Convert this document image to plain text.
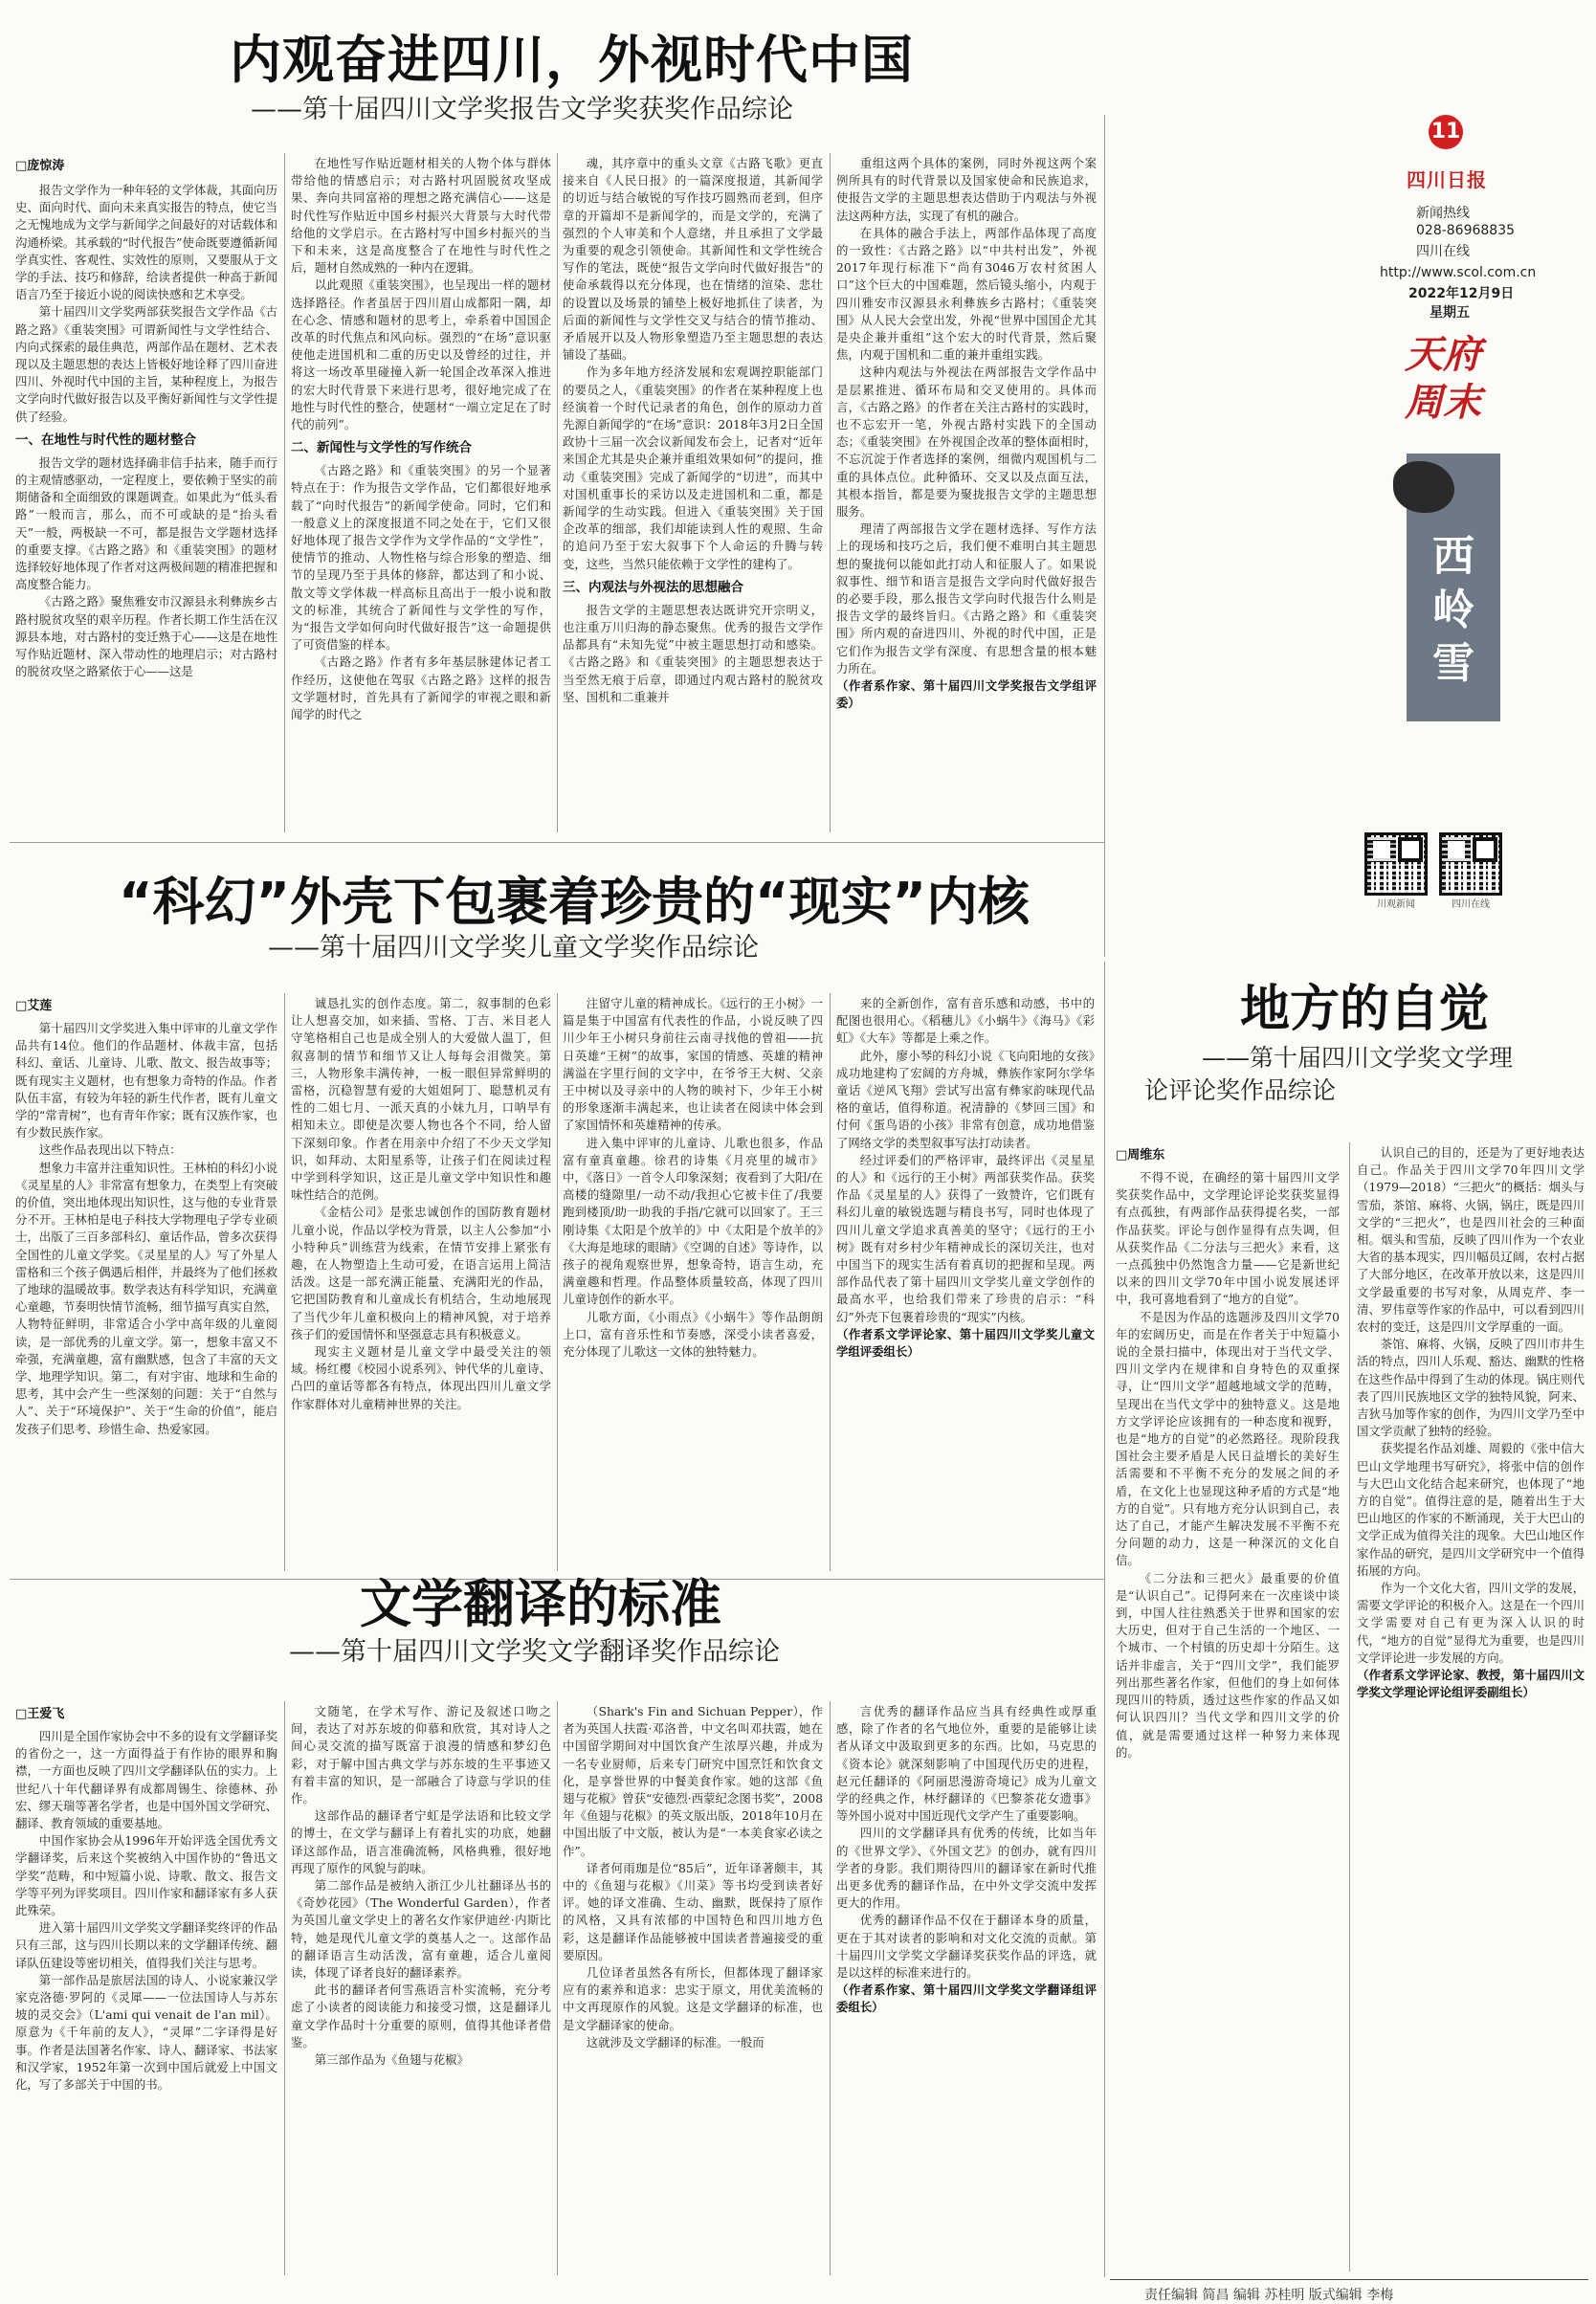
内观奋进四川，外视时代中国
——第十届四川文学奖报告文学奖获奖作品综论
□庞惊涛

报告文学作为一种年轻的文学体裁，其面向历史、面向时代、面向未来真实报告的特点，使它当之无愧地成为文学与新闻学之间最好的对话载体和沟通桥梁。其承载的“时代报告”使命既要遵循新闻学真实性、客观性、实效性的原则，又要服从于文学的手法、技巧和修辞，给读者提供一种高于新闻语言乃至于接近小说的阅读快感和艺术享受。

第十届四川文学奖两部获奖报告文学作品《古路之路》《重装突围》可谓新闻性与文学性结合、内向式探索的最佳典范，两部作品在题材、艺术表现以及主题思想的表达上皆极好地诠释了四川奋进四川、外视时代中国的主旨，某种程度上，为报告文学向时代做好报告以及平衡好新闻性与文学性提供了经验。

一、在地性与时代性的题材整合

报告文学的题材选择确非信手拈来，随手而行的主观情感驱动，一定程度上，要依赖于坚实的前期储备和全面细致的课题调查。如果此为“低头看路”一般而言，那么，而不可或缺的是“抬头看天”一般，两极缺一不可，都是报告文学题材选择的重要支撑。《古路之路》和《重装突围》的题材选择较好地体现了作者对这两极间题的精准把握和高度整合能力。

《古路之路》聚焦雅安市汉源县永利彝族乡古路村脱贫攻坚的艰辛历程。作者长期工作生活在汉源县本地，对古路村的变迁熟于心——这是在地性写作贴近题材、深入带动性的地理启示；对古路村的脱贫攻坚之路紧依于心——这是

在地性写作贴近题材相关的人物个体与群体带给他的情感启示；对古路村巩固脱贫攻坚成果、奔向共同富裕的理想之路充满信心——这是时代性写作贴近中国乡村振兴大背景与大时代带给他的文学启示。在古路村写中国乡村振兴的当下和未来，这是高度整合了在地性与时代性之后，题材自然成熟的一种内在逻辑。

以此观照《重装突围》，也呈现出一样的题材选择路径。作者虽居于四川眉山成都阳一隅，却在心念、情感和题材的思考上，牵系着中国国企改革的时代焦点和风向标。强烈的“在场”意识驱使他走进国机和二重的历史以及曾经的过往，并将这一场改革里碰撞入新一轮国企改革深入推进的宏大时代背景下来进行思考，很好地完成了在地性与时代性的整合，使题材“一端立定足在了时代的前列”。

二、新闻性与文学性的写作统合

《古路之路》和《重装突围》的另一个显著特点在于：作为报告文学作品，它们都很好地承载了“向时代报告”的新闻学使命。同时，它们和一般意义上的深度报道不同之处在于，它们又很好地体现了报告文学作为文学作品的“文学性”，使情节的推动、人物性格与综合形象的塑造、细节的呈现乃至于具体的修辞，都达到了和小说、散文等文学体裁一样高标且高出于一般小说和散文的标准，其统合了新闻性与文学性的写作，为“报告文学如何向时代做好报告”这一命题提供了可资借鉴的样本。

《古路之路》作者有多年基层脉建体记者工作经历，这使他在驾驭《古路之路》这样的报告文学题材时，首先具有了新闻学的审视之眼和新闻学的时代之

魂，其序章中的重头文章《古路飞歌》更直接来自《人民日报》的一篇深度报道，其新闻学的切近与结合敏锐的写作技巧圆熟而老到，但序章的开篇却不是新闻学的，而是文学的，充满了强烈的个人审美和个人意绪，并且承担了文学最为重要的观念引领使命。其新闻性和文学性统合写作的笔法，既使“报告文学向时代做好报告”的使命承载得以充分体现，也在情绪的渲染、悲壮的设置以及场景的铺垫上极好地抓住了读者，为后面的新闻性与文学性交叉与结合的情节推动、矛盾展开以及人物形象塑造乃至主题思想的表达铺设了基础。

作为多年地方经济发展和宏观调控职能部门的要员之人，《重装突围》的作者在某种程度上也经演着一个时代记录者的角色，创作的原动力首先源自新闻学的“在场”意识：2018年3月2日全国政协十三届一次会议新闻发布会上，记者对“近年来国企尤其是央企兼并重组效果如何”的提问，推动《重装突围》完成了新闻学的“切进”，而其中对国机重事长的采访以及走进国机和二重，都是新闻学的生动实践。但进入《重装突围》关于国企改革的细部，我们却能读到人性的观照、生命的追问乃至于宏大叙事下个人命运的升腾与转变，这些，当然只能依赖于文学性的建构了。

三、内观法与外视法的思想融合

报告文学的主题思想表达既讲究开宗明义，也注重万川归海的静态聚焦。优秀的报告文学作品都具有“未知先觉”中被主题思想打动和感染。《古路之路》和《重装突围》的主题思想表达于当至然无痕于后章，即通过内观古路村的脱贫攻坚、国机和二重兼并

重组这两个具体的案例，同时外视这两个案例所具有的时代背景以及国家使命和民族追求，使报告文学的主题思想表达借助于内观法与外视法这两种方法，实现了有机的融合。

在具体的融合手法上，两部作品体现了高度的一致性：《古路之路》以“中共村出发”，外视2017年现行标准下“尚有3046万农村贫困人口”这个巨大的中国难题，然后镜头缩小，内观于四川雅安市汉源县永利彝族乡古路村；《重装突围》从人民大会堂出发，外视“世界中国国企尤其是央企兼并重组”这个宏大的时代背景，然后聚焦，内观于国机和二重的兼并重组实践。

这种内观法与外视法在两部报告文学作品中是层累推进、循环布局和交叉使用的。具体而言，《古路之路》的作者在关注古路村的实践时，也不忘宏开一笔，外视古路村实践下的全国动态；《重装突围》在外视国企改革的整体面相时，不忘沉淀于作者选择的案例，细微内观国机与二重的具体点位。此种循环、交叉以及点面互法，其根本指旨，都是要为聚拢报告文学的主题思想服务。

理清了两部报告文学在题材选择、写作方法上的现场和技巧之后，我们便不难明白其主题思想的聚拢何以能如此打动人和征服人了。如果说叙事性、细节和语言是报告文学向时代做好报告的必要手段，那么报告文学向时代报告什么则是报告文学的最终旨归。《古路之路》和《重装突围》所内观的奋进四川、外视的时代中国，正是它们作为报告文学有深度、有思想含量的根本魅力所在。

（作者系作家、第十届四川文学奖报告文学组评委）

11
四川日报
新闻热线
028-86968835
四川在线
http://www.scol.com.cn
2022年12月9日
星期五
天府周末
西岭雪
川观新闻	四川在线
“科幻”外壳下包裹着珍贵的“现实”内核
——第十届四川文学奖儿童文学奖作品综论
□艾莲

第十届四川文学奖进入集中评审的儿童文学作品共有14位。他们的作品题材、体裁丰富，包括科幻、童话、儿童诗、儿歌、散文、报告故事等；既有现实主义题材，也有想象力奇特的作品。作者队伍丰富，有较为年轻的新生代作者，既有儿童文学的“常青树”，也有青年作家；既有汉族作家，也有少数民族作家。

这些作品表现出以下特点：

想象力丰富并注重知识性。王林柏的科幻小说《灵星星的人》非常富有想象力，在类型上有突破的价值，突出地体现出知识性，这与他的专业背景分不开。王林柏是电子科技大学物理电子学专业硕士，出版了三百多部科幻、童话作品，曾多次获得全国性的儿童文学奖。《灵星星的人》写了外星人雷格和三个孩子偶遇后相伴，并最终为了他们拯救了地球的温暖故事。数学表达有科学知识，充满童心童趣，节奏明快情节流畅，细节描写真实自然，人物特征鲜明，非常适合小学中高年级的儿童阅读，是一部优秀的儿童文学。第一，想象丰富又不牵强，充满童趣，富有幽默感，包含了丰富的天文学、地理学知识。第二，有对宇宙、地球和生命的思考，其中会产生一些深刻的问题：关于“自然与人”、关于“环境保护”、关于“生命的价值”，能启发孩子们思考、珍惜生命、热爱家园。

诚恳扎实的创作态度。第二，叙事制的色彩让人想喜交加，如来插、雪格、丁吉、米目老人守笔格相自己也是成全别人的大爱做人温丁，但叙喜制的情节和细节又让人每每会泪微笑。第三，人物形象丰满传神，一板一眼但异常鲜明的雷格，沉稳智慧有爱的大姐姐阿丁、聪慧机灵有性的二姐七月、一派天真的小妹九月，口呐旱有相知未立。即使是次要人物也各个不同，给人留下深刻印象。作者在用亲中介绍了不少天文学知识，如拜动、太阳星系等，让孩子们在阅读过程中学到科学知识，这正是儿童文学中知识性和趣味性结合的范例。

《金桔公司》是张忠诚创作的国防教育题材儿童小说，作品以学校为背景，以主人公参加“小小特种兵”训练营为线索，在情节安排上紧张有趣，在人物塑造上生动可爱，在语言运用上简洁活泼。这是一部充满正能量、充满阳光的作品，它把国防教育和儿童成长有机结合，生动地展现了当代少年儿童积极向上的精神风貌，对于培养孩子们的爱国情怀和坚强意志具有积极意义。

现实主义题材是儿童文学中最受关注的领域。杨红樱《校园小说系列》、钟代华的儿童诗、凸凹的童话等都各有特点，体现出四川儿童文学作家群体对儿童精神世界的关注。

注留守儿童的精神成长。《远行的王小树》一篇是集于中国富有代表性的作品，小说反映了四川少年王小树只身前往云南寻找他的曾祖——抗日英雄“王树”的故事，家国的情感、英雄的精神满溢在字里行间的文字中，在爷爷王大树、父亲王中树以及寻亲中的人物的映衬下，少年王小树的形象逐渐丰满起来，也让读者在阅读中体会到了家国情怀和英雄精神的传承。

进入集中评审的儿童诗、儿歌也很多，作品富有童真童趣。徐君的诗集《月亮里的城市》中，《落日》一首令人印象深刻；夜看到了大阳/在高楼的缝隙里/一动不动/我担心它被卡住了/我要跑到楼顶/助一助我的手指/它就可以回家了。王三刚诗集《太阳是个放羊的》中《太阳是个放羊的》《大海是地球的眼睛》《空调的自述》等诗作，以孩子的视角观察世界，想象奇特，语言生动，充满童趣和哲理。作品整体质量较高，体现了四川儿童诗创作的新水平。

儿歌方面，《小雨点》《小蜗牛》等作品朗朗上口，富有音乐性和节奏感，深受小读者喜爱，充分体现了儿歌这一文体的独特魅力。

来的全新创作，富有音乐感和动感，书中的配图也很用心。《稻穗儿》《小蜗牛》《海马》《彩虹》《大车》等都是上乘之作。

此外，廖小琴的科幻小说《飞向阳地的女孩》成功地建构了宏阔的方舟城，彝族作家阿尔学华童话《逆风飞翔》尝试写出富有彝家韵味现代品格的童话，值得称道。祝清静的《梦回三国》和付何《蛋鸟语的小孩》非常有创意，成功地借鉴了网络文学的类型叙事写法打动读者。

经过评委们的严格评审，最终评出《灵星星的人》和《远行的王小树》两部获奖作品。获奖作品《灵星星的人》获得了一致赞许，它们既有科幻儿童的敏锐选题与精良书写，同时也体现了四川儿童文学追求真善美的坚守；《远行的王小树》既有对乡村少年精神成长的深切关注，也对中国当下的现实生活有着真切的把握和呈现。两部作品代表了第十届四川文学奖儿童文学创作的最高水平，也给我们带来了珍贵的启示：“科幻”外壳下包裹着珍贵的“现实”内核。

（作者系文学评论家、第十届四川文学奖儿童文学组评委组长）

地方的自觉
——第十届四川文学奖文学理
论评论奖作品综论
□周维东

不得不说，在确经的第十届四川文学奖获奖作品中，文学理论评论奖获奖显得有点孤独，有两部作品获得提名奖，一部作品获奖。评论与创作显得有点失调，但从获奖作品《二分法与三把火》来看，这一点孤独中仍然饱含力量——它是新世纪以来的四川文学70年中国小说发展述评中，我可喜地看到了“地方的自觉”。

不是因为作品的选题涉及四川文学70年的宏阔历史，而是在作者关于中短篇小说的全景扫描中，体现出对于当代文学、四川文学内在规律和自身特色的双重探寻，让“四川文学”超越地域文学的范畴，呈现出在当代文学中的独特意义。这是地方文学评论应该拥有的一种态度和视野，也是“地方的自觉”的必然路径。现阶段我国社会主要矛盾是人民日益增长的美好生活需要和不平衡不充分的发展之间的矛盾，在文化上也显现这种矛盾的方式是“地方的自觉”。只有地方充分认识到自己，表达了自己，才能产生解决发展不平衡不充分问题的动力，这是一种深沉的文化自信。

《二分法和三把火》最重要的价值是“认识自己”。记得阿来在一次座谈中谈到，中国人往往熟悉关于世界和国家的宏大历史，但对于自己生活的一个地区、一个城市、一个村镇的历史却十分陌生。这话并非虚言，关于“四川文学”，我们能罗列出那些著名作家，但他们的身上如何体现四川的特质，透过这些作家的作品又如何认识四川？当代文学和四川文学的价值，就是需要通过这样一种努力来体现的。

认识自己的目的，还是为了更好地表达自己。作品关于四川文学70年四川文学（1979—2018）“三把火”的概括：烟头与雪茄，茶馆、麻将、火锅，锅庄，既是四川文学的“三把火”，也是四川社会的三种面相。烟头和雪茄，反映了四川作为一个农业大省的基本现实，四川幅员辽阔，农村占据了大部分地区，在改革开放以来，这是四川文学最重要的书写对象，从周克芹、李一清、罗伟章等作家的作品中，可以看到四川农村的变迁，这是四川文学厚重的一面。

茶馆、麻将、火锅，反映了四川市井生活的特点，四川人乐观、豁达、幽默的性格在这些作品中得到了生动的体现。锅庄则代表了四川民族地区文学的独特风貌，阿来、吉狄马加等作家的创作，为四川文学乃至中国文学贡献了独特的经验。

获奖提名作品刘雄、周毅的《张中信大巴山文学地理书写研究》，将张中信的创作与大巴山文化结合起来研究，也体现了“地方的自觉”。值得注意的是，随着出生于大巴山地区的作家的不断涌现，关于大巴山的文学正成为值得关注的现象。大巴山地区作家作品的研究，是四川文学研究中一个值得拓展的方向。

作为一个文化大省，四川文学的发展，需要文学评论的积极介入。这是在一个四川文学需要对自己有更为深入认识的时代，“地方的自觉”显得尤为重要，也是四川文学评论进一步发展的方向。

（作者系文学评论家、教授，第十届四川文学奖文学理论评论组评委副组长）

文学翻译的标准
——第十届四川文学奖文学翻译奖作品综论
□王爱飞

四川是全国作家协会中不多的设有文学翻译奖的省份之一，这一方面得益于有作协的眼界和胸襟，一方面也反映了四川文学翻译队伍的实力。上世纪八十年代翻译界有成都周锡生、徐德林、孙宏、缪天瑞等著名学者，也是中国外国文学研究、翻译、教育领域的重要基地。

中国作家协会从1996年开始评选全国优秀文学翻译奖，后来这个奖被纳入中国作协的“鲁迅文学奖”范畴，和中短篇小说、诗歌、散文、报告文学等平列为评奖项目。四川作家和翻译家有多人获此殊荣。

进入第十届四川文学奖文学翻译奖终评的作品只有三部，这与四川长期以来的文学翻译传统、翻译队伍建设等密切相关，值得我们关注与思考。

第一部作品是旅居法国的诗人、小说家兼汉学家克洛德·罗阿的《灵犀——一位法国诗人与苏东坡的灵交会》（L'ami qui venait de l'an mil）。原意为《千年前的友人》，“灵犀”二字译得是好事。作者是法国著名作家、诗人、翻译家、书法家和汉学家，1952年第一次到中国后就爱上中国文化，写了多部关于中国的书。

文随笔，在学术写作、游记及叙述口吻之间，表达了对苏东坡的仰慕和欣赏，其对诗人之间心灵交流的描写既富于浪漫的情感和梦幻色彩，对于解中国古典文学与苏东坡的生平事迹又有着丰富的知识，是一部融合了诗意与学识的佳作。

这部作品的翻译者宁虹是学法语和比较文学的博士，在文学与翻译上有着扎实的功底，她翻译这部作品，语言准确流畅，风格典雅，很好地再现了原作的风貌与韵味。

第二部作品是被纳入浙江少儿社翻译丛书的《奇妙花园》（The Wonderful Garden），作者为英国儿童文学史上的著名女作家伊迪丝·内斯比特，她是现代儿童文学的奠基人之一。这部作品的翻译语言生动活泼，富有童趣，适合儿童阅读，体现了译者良好的翻译素养。

此书的翻译者何雪燕语言朴实流畅，充分考虑了小读者的阅读能力和接受习惯，这是翻译儿童文学作品时十分重要的原则，值得其他译者借鉴。

第三部作品为《鱼翅与花椒》

（Shark's Fin and Sichuan Pepper），作者为英国人扶霞·邓洛普，中文名叫邓扶霞，她在中国留学期间对中国饮食产生浓厚兴趣，并成为一名专业厨师，后来专门研究中国烹饪和饮食文化，是享誉世界的中餐美食作家。她的这部《鱼翅与花椒》曾获“安德烈·西蒙纪念图书奖”，2008年《鱼翅与花椒》的英文版出版，2018年10月在中国出版了中文版，被认为是“一本美食家必读之作”。

译者何雨珈是位“85后”，近年译著颇丰，其中的《鱼翅与花椒》《川菜》等书均受到读者好评。她的译文准确、生动、幽默，既保持了原作的风格，又具有浓郁的中国特色和四川地方色彩，这是翻译作品能够被中国读者普遍接受的重要原因。

几位译者虽然各有所长，但都体现了翻译家应有的素养和追求：忠实于原文，用优美流畅的中文再现原作的风貌。这是文学翻译的标准，也是文学翻译家的使命。

这就涉及文学翻译的标准。一般而

言优秀的翻译作品应当具有经典性或厚重感，除了作者的名气地位外，重要的是能够让读者从译文中汲取到更多的东西。比如，马克思的《资本论》就深刻影响了中国现代历史的进程，赵元任翻译的《阿丽思漫游奇境记》成为儿童文学的经典之作，林纾翻译的《巴黎茶花女遗事》等外国小说对中国近现代文学产生了重要影响。

四川的文学翻译具有优秀的传统，比如当年的《世界文学》、《外国文艺》的创办，就有四川学者的身影。我们期待四川的翻译家在新时代推出更多优秀的翻译作品，在中外文学交流中发挥更大的作用。

优秀的翻译作品不仅在于翻译本身的质量，更在于其对读者的影响和对文化交流的贡献。第十届四川文学奖文学翻译奖获奖作品的评选，就是以这样的标准来进行的。

（作者系作家、第十届四川文学奖文学翻译组评委组长）

责任编辑 简昌 编辑 苏桂明 版式编辑 李梅
